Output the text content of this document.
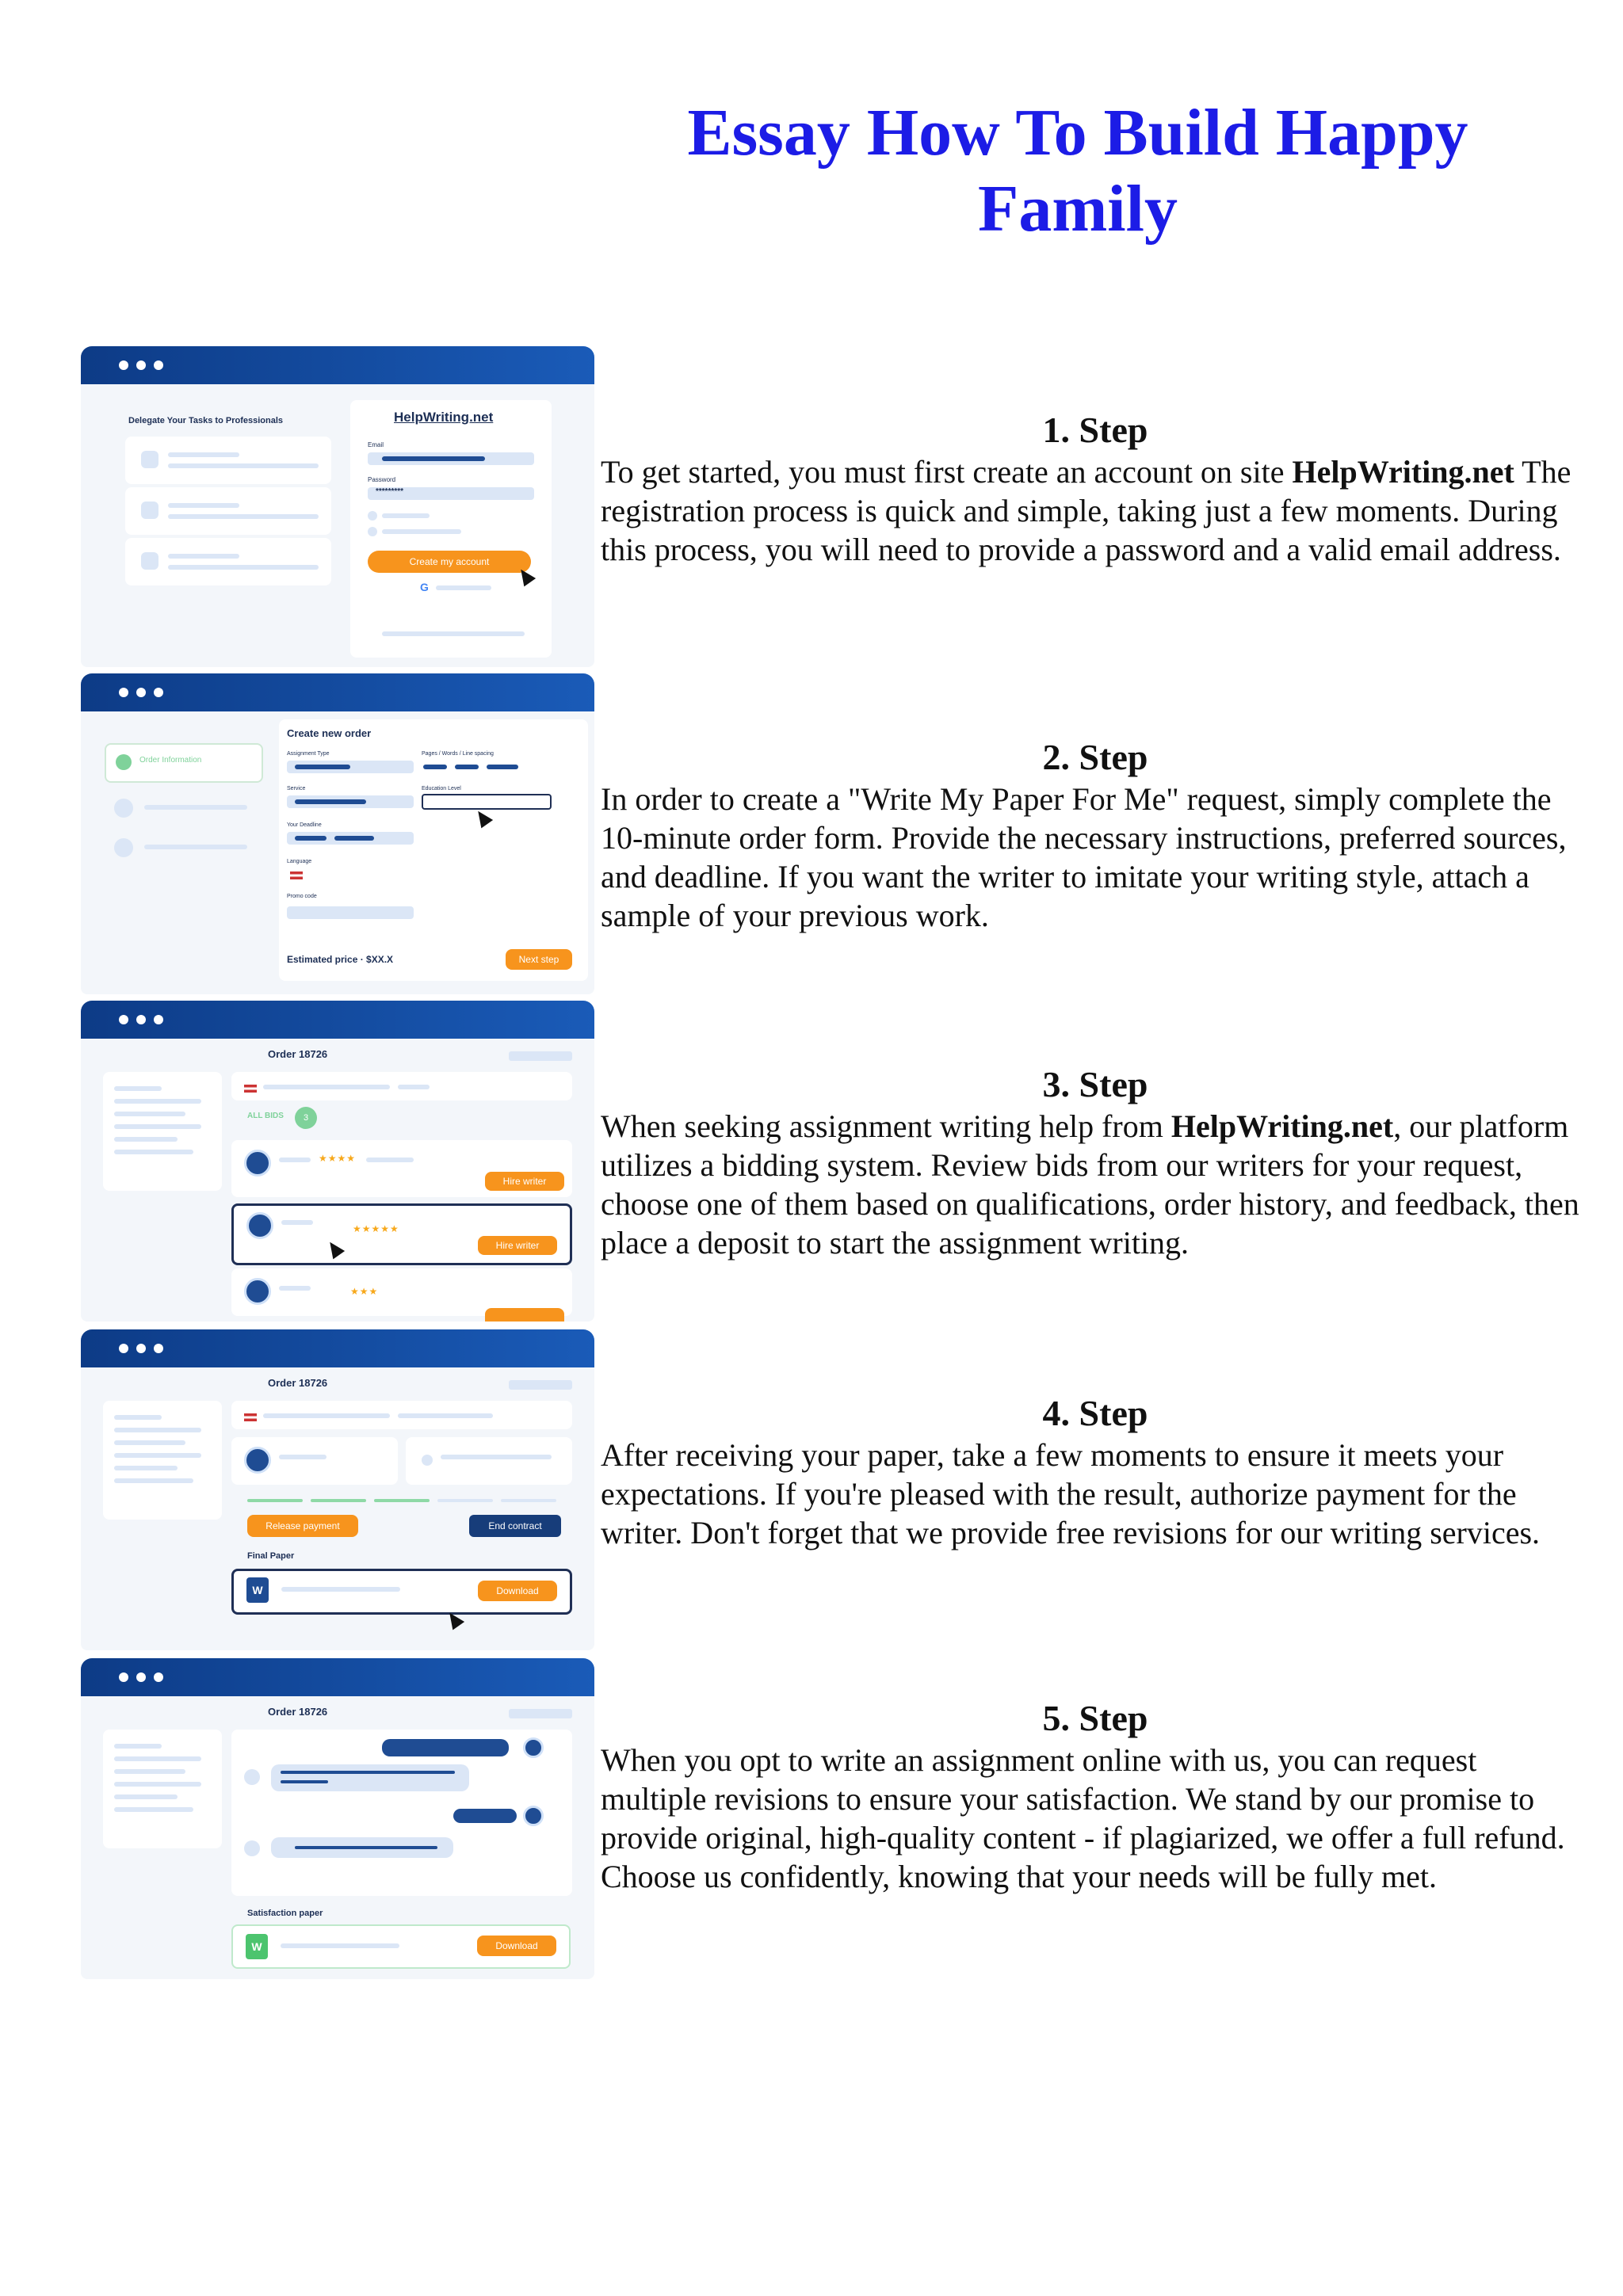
Essay How To Build Happy Family
Delegate Your Tasks to Professionals	HelpWriting.net
Email
Password
*********
Create my account
G
1. Step

To get started, you must first create an account on site HelpWriting.net The registration process is quick and simple, taking just a few moments. During this process, you will need to provide a password and a valid email address.

Order Information
Create new order
Assignment Type	Pages / Words / Line spacing
Service	Education Level
Your Deadline
Language
Promo code
Estimated price · $XX.X	Next step
2. Step

In order to create a "Write My Paper For Me" request, simply complete the 10-minute order form. Provide the necessary instructions, preferred sources, and deadline. If you want the writer to imitate your writing style, attach a sample of your previous work.

Order 18726
ALL BIDS	3
★★★★
Hire writer
★★★★★
Hire writer
★★★
3. Step

When seeking assignment writing help from HelpWriting.net, our platform utilizes a bidding system. Review bids from our writers for your request, choose one of them based on qualifications, order history, and feedback, then place a deposit to start the assignment writing.

Order 18726
Release payment	End contract
Final Paper
W	Download
4. Step

After receiving your paper, take a few moments to ensure it meets your expectations. If you're pleased with the result, authorize payment for the writer. Don't forget that we provide free revisions for our writing services.

Order 18726
Satisfaction paper
W	Download
5. Step

When you opt to write an assignment online with us, you can request multiple revisions to ensure your satisfaction. We stand by our promise to provide original, high-quality content - if plagiarized, we offer a full refund. Choose us confidently, knowing that your needs will be fully met.
